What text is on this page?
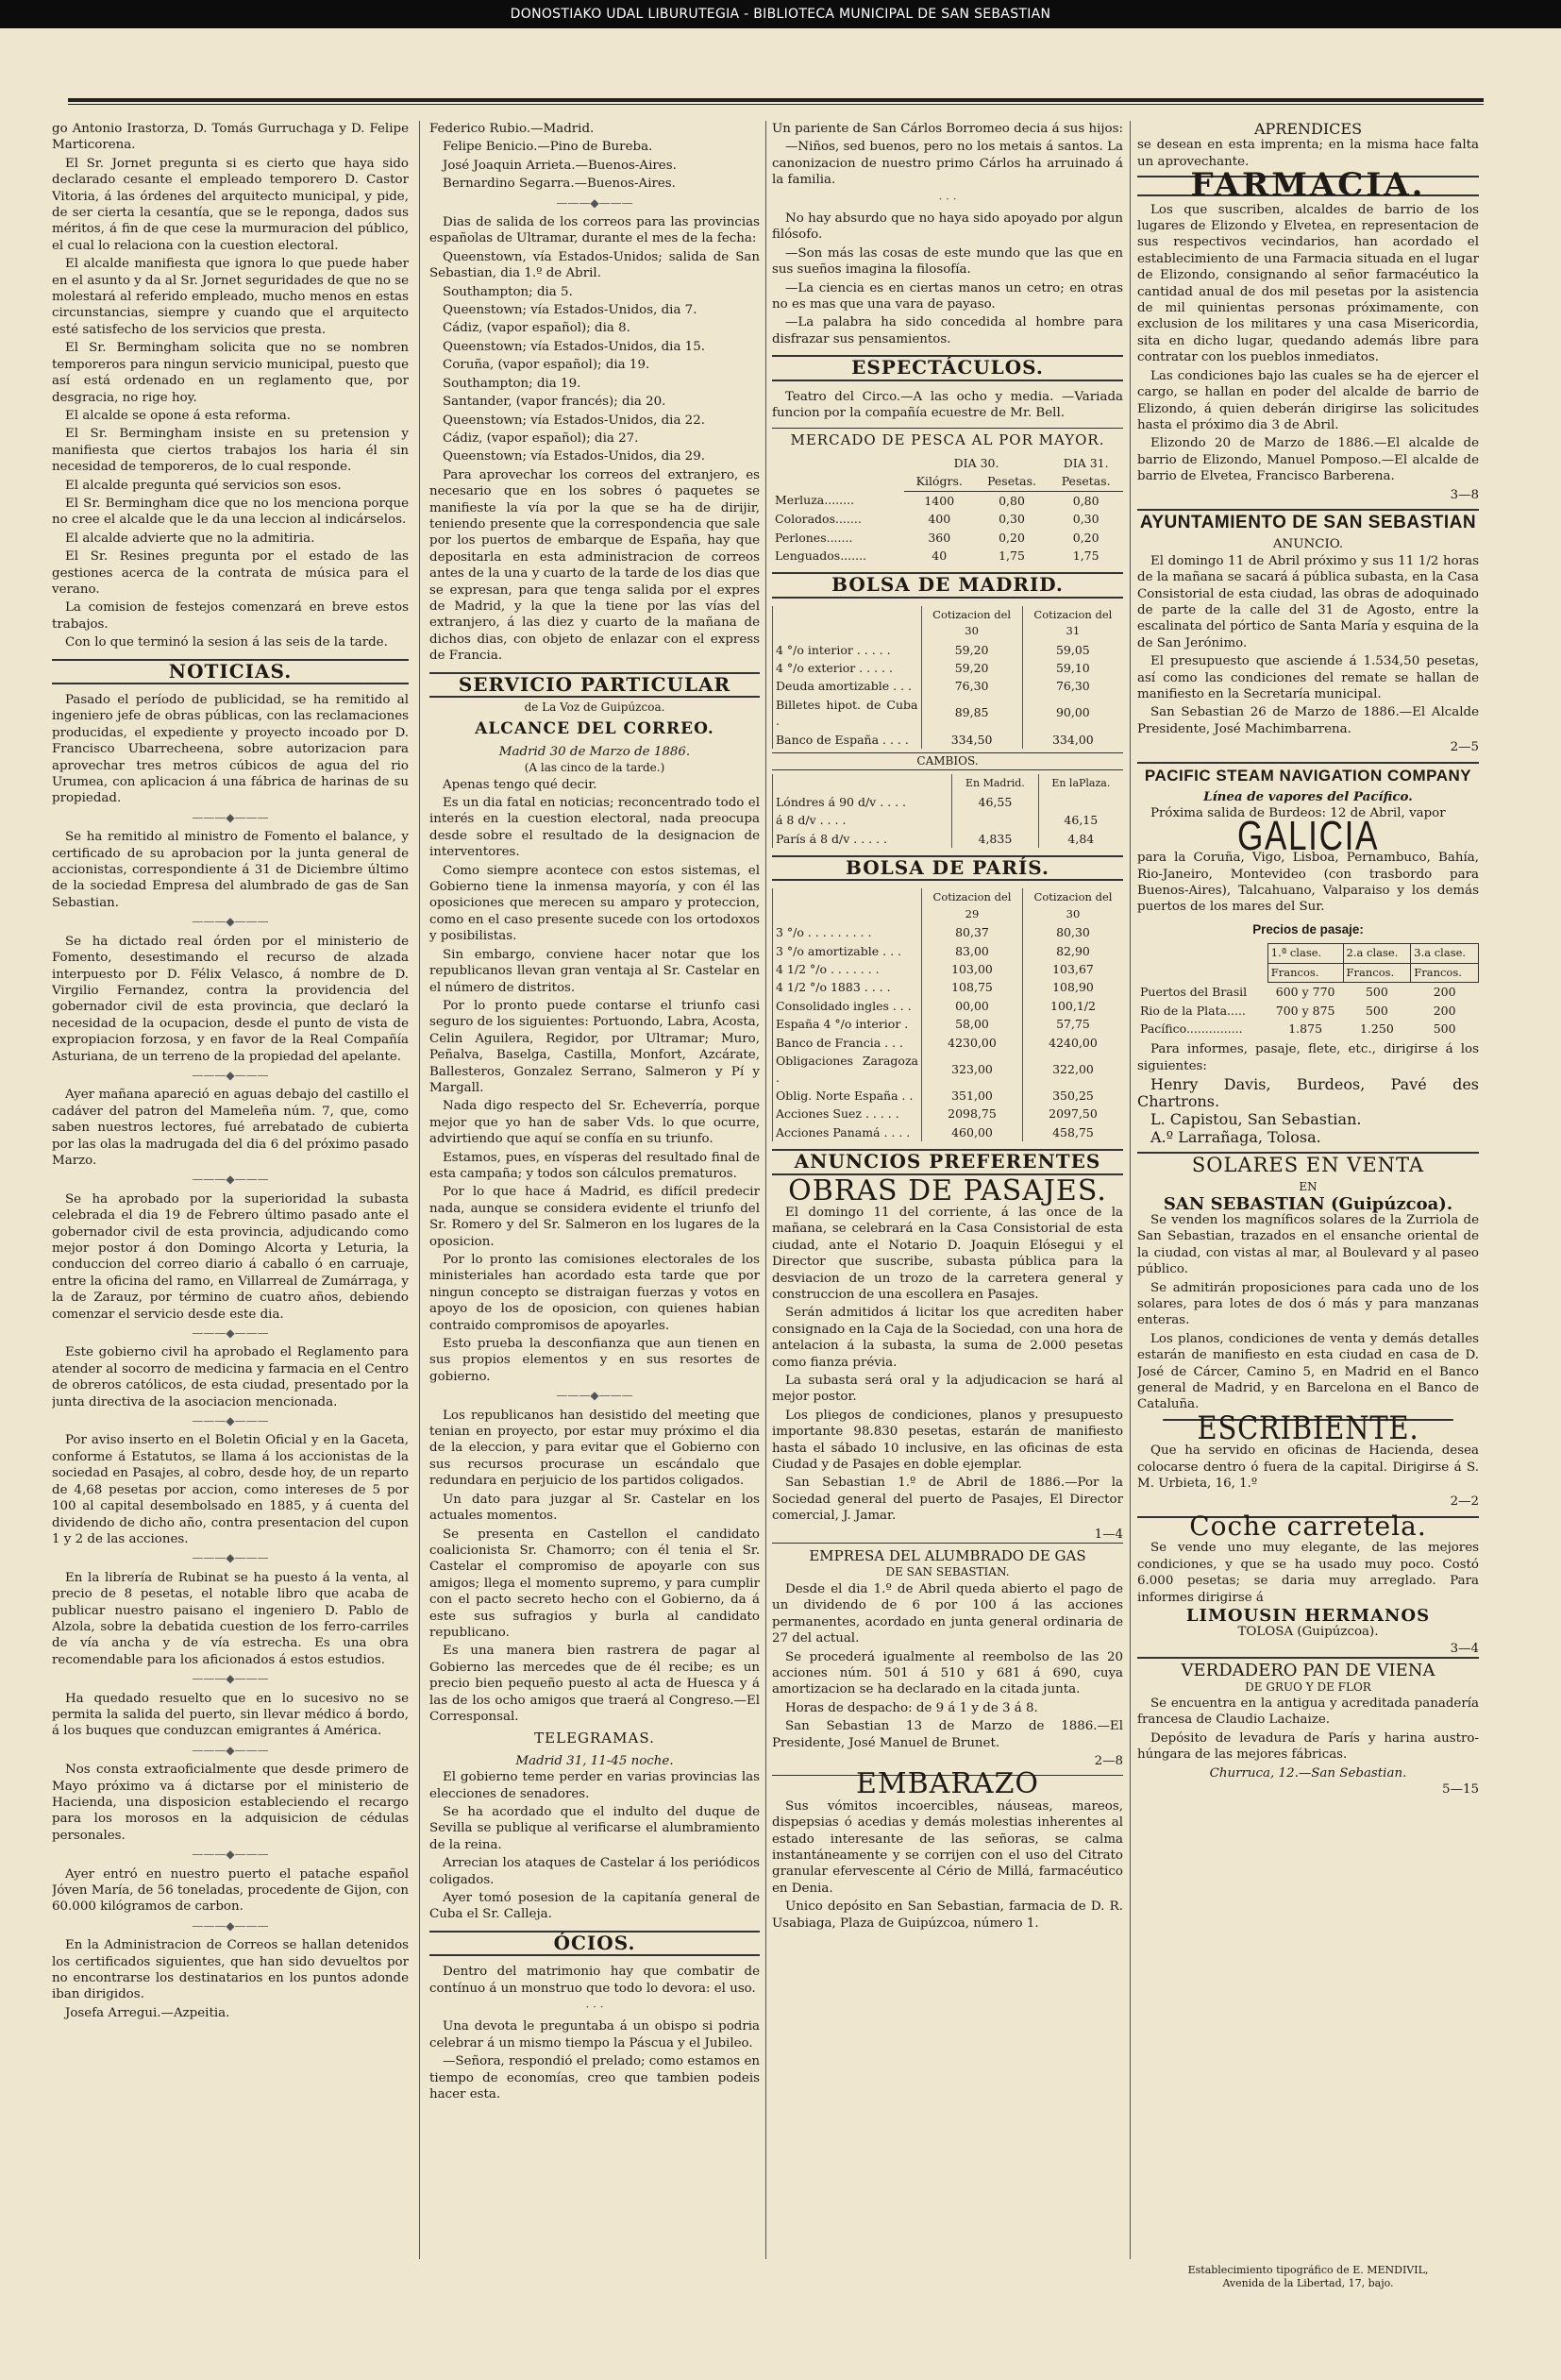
DONOSTIAKO UDAL LIBURUTEGIA - BIBLIOTECA MUNICIPAL DE SAN SEBASTIAN

go Antonio Irastorza, D. Tomás Gurruchaga y D. Felipe Marticorena.

El Sr. Jornet pregunta si es cierto que haya sido declarado cesante el empleado temporero D. Castor Vitoria, á las órdenes del arquitecto municipal, y pide, de ser cierta la cesantía, que se le reponga, dados sus méritos, á fin de que cese la murmuracion del público, el cual lo relaciona con la cuestion electoral.

El alcalde manifiesta que ignora lo que puede haber en el asunto y da al Sr. Jornet seguridades de que no se molestará al referido empleado, mucho menos en estas circunstancias, siempre y cuando que el arquitecto esté satisfecho de los servicios que presta.

El Sr. Bermingham solicita que no se nombren temporeros para ningun servicio municipal, puesto que así está ordenado en un reglamento que, por desgracia, no rige hoy.

El alcalde se opone á esta reforma.

El Sr. Bermingham insiste en su pretension y manifiesta que ciertos trabajos los haria él sin necesidad de temporeros, de lo cual responde.

El alcalde pregunta qué servicios son esos.

El Sr. Bermingham dice que no los menciona porque no cree el alcalde que le da una leccion al indicárselos.

El alcalde advierte que no la admitiria.

El Sr. Resines pregunta por el estado de las gestiones acerca de la contrata de música para el verano.

La comision de festejos comenzará en breve estos trabajos.

Con lo que terminó la sesion á las seis de la tarde.

NOTICIAS.

Pasado el período de publicidad, se ha remitido al ingeniero jefe de obras públicas, con las reclamaciones producidas, el expediente y proyecto incoado por D. Francisco Ubarrecheena, sobre autorizacion para aprovechar tres metros cúbicos de agua del rio Urumea, con aplicacion á una fábrica de harinas de su propiedad.

———◆———

Se ha remitido al ministro de Fomento el balance, y certificado de su aprobacion por la junta general de accionistas, correspondiente á 31 de Diciembre último de la sociedad Empresa del alumbrado de gas de San Sebastian.

———◆———

Se ha dictado real órden por el ministerio de Fomento, desestimando el recurso de alzada interpuesto por D. Félix Velasco, á nombre de D. Virgilio Fernandez, contra la providencia del gobernador civil de esta provincia, que declaró la necesidad de la ocupacion, desde el punto de vista de expropiacion forzosa, y en favor de la Real Compañía Asturiana, de un terreno de la propiedad del apelante.

———◆———

Ayer mañana apareció en aguas debajo del castillo el cadáver del patron del Mameleña núm. 7, que, como saben nuestros lectores, fué arrebatado de cubierta por las olas la madrugada del dia 6 del próximo pasado Marzo.

———◆———

Se ha aprobado por la superioridad la subasta celebrada el dia 19 de Febrero último pasado ante el gobernador civil de esta provincia, adjudicando como mejor postor á don Domingo Alcorta y Leturia, la conduccion del correo diario á caballo ó en carruaje, entre la oficina del ramo, en Villarreal de Zumárraga, y la de Zarauz, por término de cuatro años, debiendo comenzar el servicio desde este dia.

———◆———

Este gobierno civil ha aprobado el Reglamento para atender al socorro de medicina y farmacia en el Centro de obreros católicos, de esta ciudad, presentado por la junta directiva de la asociacion mencionada.

———◆———

Por aviso inserto en el Boletin Oficial y en la Gaceta, conforme á Estatutos, se llama á los accionistas de la sociedad en Pasajes, al cobro, desde hoy, de un reparto de 4,68 pesetas por accion, como intereses de 5 por 100 al capital desembolsado en 1885, y á cuenta del dividendo de dicho año, contra presentacion del cupon 1 y 2 de las acciones.

———◆———

En la librería de Rubinat se ha puesto á la venta, al precio de 8 pesetas, el notable libro que acaba de publicar nuestro paisano el ingeniero D. Pablo de Alzola, sobre la debatida cuestion de los ferro-carriles de vía ancha y de vía estrecha. Es una obra recomendable para los aficionados á estos estudios.

———◆———

Ha quedado resuelto que en lo sucesivo no se permita la salida del puerto, sin llevar médico á bordo, á los buques que conduzcan emigrantes á América.

———◆———

Nos consta extraoficialmente que desde primero de Mayo próximo va á dictarse por el ministerio de Hacienda, una disposicion estableciendo el recargo para los morosos en la adquisicion de cédulas personales.

———◆———

Ayer entró en nuestro puerto el patache español Jóven María, de 56 toneladas, procedente de Gijon, con 60.000 kilógramos de carbon.

———◆———

En la Administracion de Correos se hallan detenidos los certificados siguientes, que han sido devueltos por no encontrarse los destinatarios en los puntos adonde iban dirigidos.

Josefa Arregui.—Azpeitia.

Federico Rubio.—Madrid.

Felipe Benicio.—Pino de Bureba.

José Joaquin Arrieta.—Buenos-Aires.

Bernardino Segarra.—Buenos-Aires.

———◆———

Dias de salida de los correos para las provincias españolas de Ultramar, durante el mes de la fecha:

Queenstown, vía Estados-Unidos; salida de San Sebastian, dia 1.º de Abril.

Southampton; dia 5.

Queenstown; vía Estados-Unidos, dia 7.

Cádiz, (vapor español); dia 8.

Queenstown; vía Estados-Unidos, dia 15.

Coruña, (vapor español); dia 19.

Southampton; dia 19.

Santander, (vapor francés); dia 20.

Queenstown; vía Estados-Unidos, dia 22.

Cádiz, (vapor español); dia 27.

Queenstown; vía Estados-Unidos, dia 29.

Para aprovechar los correos del extranjero, es necesario que en los sobres ó paquetes se manifieste la vía por la que se ha de dirijir, teniendo presente que la correspondencia que sale por los puertos de embarque de España, hay que depositarla en esta administracion de correos antes de la una y cuarto de la tarde de los dias que se expresan, para que tenga salida por el expres de Madrid, y la que la tiene por las vías del extranjero, á las diez y cuarto de la mañana de dichos dias, con objeto de enlazar con el express de Francia.

SERVICIO PARTICULAR
de La Voz de Guipúzcoa.
ALCANCE DEL CORREO.
Madrid 30 de Marzo de 1886.
(A las cinco de la tarde.)

Apenas tengo qué decir.

Es un dia fatal en noticias; reconcentrado todo el interés en la cuestion electoral, nada preocupa desde sobre el resultado de la designacion de interventores.

Como siempre acontece con estos sistemas, el Gobierno tiene la inmensa mayoría, y con él las oposiciones que merecen su amparo y proteccion, como en el caso presente sucede con los ortodoxos y posibilistas.

Sin embargo, conviene hacer notar que los republicanos llevan gran ventaja al Sr. Castelar en el número de distritos.

Por lo pronto puede contarse el triunfo casi seguro de los siguientes: Portuondo, Labra, Acosta, Celin Aguilera, Regidor, por Ultramar; Muro, Peñalva, Baselga, Castilla, Monfort, Azcárate, Ballesteros, Gonzalez Serrano, Salmeron y Pí y Margall.

Nada digo respecto del Sr. Echeverría, porque mejor que yo han de saber Vds. lo que ocurre, advirtiendo que aquí se confía en su triunfo.

Estamos, pues, en vísperas del resultado final de esta campaña; y todos son cálculos prematuros.

Por lo que hace á Madrid, es difícil predecir nada, aunque se considera evidente el triunfo del Sr. Romero y del Sr. Salmeron en los lugares de la oposicion.

Por lo pronto las comisiones electorales de los ministeriales han acordado esta tarde que por ningun concepto se distraigan fuerzas y votos en apoyo de los de oposicion, con quienes habian contraido compromisos de apoyarles.

Esto prueba la desconfianza que aun tienen en sus propios elementos y en sus resortes de gobierno.

———◆———

Los republicanos han desistido del meeting que tenian en proyecto, por estar muy próximo el dia de la eleccion, y para evitar que el Gobierno con sus recursos procurase un escándalo que redundara en perjuicio de los partidos coligados.

Un dato para juzgar al Sr. Castelar en los actuales momentos.

Se presenta en Castellon el candidato coalicionista Sr. Chamorro; con él tenia el Sr. Castelar el compromiso de apoyarle con sus amigos; llega el momento supremo, y para cumplir con el pacto secreto hecho con el Gobierno, da á este sus sufragios y burla al candidato republicano.

Es una manera bien rastrera de pagar al Gobierno las mercedes que de él recibe; es un precio bien pequeño puesto al acta de Huesca y á las de los ocho amigos que traerá al Congreso.—El Corresponsal.

TELEGRAMAS.
Madrid 31, 11-45 noche.

El gobierno teme perder en varias provincias las elecciones de senadores.

Se ha acordado que el indulto del duque de Sevilla se publique al verificarse el alumbramiento de la reina.

Arrecian los ataques de Castelar á los periódicos coligados.

Ayer tomó posesion de la capitanía general de Cuba el Sr. Calleja.

ÓCIOS.

Dentro del matrimonio hay que combatir de contínuo á un monstruo que todo lo devora: el uso.

· · ·

Una devota le preguntaba á un obispo si podria celebrar á un mismo tiempo la Páscua y el Jubileo.

—Señora, respondió el prelado; como estamos en tiempo de economías, creo que tambien podeis hacer esta.

Un pariente de San Cárlos Borromeo decia á sus hijos:

—Niños, sed buenos, pero no los metais á santos. La canonizacion de nuestro primo Cárlos ha arruinado á la familia.

· · ·

No hay absurdo que no haya sido apoyado por algun filósofo.

—Son más las cosas de este mundo que las que en sus sueños imagina la filosofía.

—La ciencia es en ciertas manos un cetro; en otras no es mas que una vara de payaso.

—La palabra ha sido concedida al hombre para disfrazar sus pensamientos.

ESPECTÁCULOS.

Teatro del Circo.—A las ocho y media. —Variada funcion por la compañía ecuestre de Mr. Bell.

MERCADO DE PESCA AL POR MAYOR.
	DIA 30.		DIA 31.
	Kilógrs.	Pesetas.	Pesetas.
Merluza........	1400	0,80	0,80
Colorados.......	400	0,30	0,30
Perlones.......	360	0,20	0,20
Lenguados.......	40	1,75	1,75
BOLSA DE MADRID.
	Cotizacion del 30	Cotizacion del 31
4 °/o interior . . . . .	59,20	59,05
4 °/o exterior . . . . .	59,20	59,10
Deuda amortizable . . .	76,30	76,30
Billetes hipot. de Cuba .	89,85	90,00
Banco de España . . . .	334,50	334,00
CAMBIOS.
	En Madrid.	En laPlaza.
Lóndres á 90 d/v . . . .	46,55	
á 8 d/v . . . .		46,15
París á 8 d/v . . . . .	4,835	4,84
BOLSA DE PARÍS.
	Cotizacion del 29	Cotizacion del 30
3 °/o . . . . . . . . .	80,37	80,30
3 °/o amortizable . . .	83,00	82,90
4 1/2 °/o . . . . . . .	103,00	103,67
4 1/2 °/o 1883 . . . .	108,75	108,90
Consolidado ingles . . .	00,00	100,1/2
España 4 °/o interior .	58,00	57,75
Banco de Francia . . .	4230,00	4240,00
Obligaciones Zaragoza .	323,00	322,00
Oblig. Norte España . .	351,00	350,25
Acciones Suez . . . . .	2098,75	2097,50
Acciones Panamá . . . .	460,00	458,75
ANUNCIOS PREFERENTES
OBRAS DE PASAJES.

El domingo 11 del corriente, á las once de la mañana, se celebrará en la Casa Consistorial de esta ciudad, ante el Notario D. Joaquin Elósegui y el Director que suscribe, subasta pública para la desviacion de un trozo de la carretera general y construccion de una escollera en Pasajes.

Serán admitidos á licitar los que acrediten haber consignado en la Caja de la Sociedad, con una hora de antelacion á la subasta, la suma de 2.000 pesetas como fianza prévia.

La subasta será oral y la adjudicacion se hará al mejor postor.

Los pliegos de condiciones, planos y presupuesto importante 98.830 pesetas, estarán de manifiesto hasta el sábado 10 inclusive, en las oficinas de esta Ciudad y de Pasajes en doble ejemplar.

San Sebastian 1.º de Abril de 1886.—Por la Sociedad general del puerto de Pasajes, El Director comercial, J. Jamar.

1—4
EMPRESA DEL ALUMBRADO DE GAS
DE SAN SEBASTIAN.

Desde el dia 1.º de Abril queda abierto el pago de un dividendo de 6 por 100 á las acciones permanentes, acordado en junta general ordinaria de 27 del actual.

Se procederá igualmente al reembolso de las 20 acciones núm. 501 á 510 y 681 á 690, cuya amortizacion se ha declarado en la citada junta.

Horas de despacho: de 9 á 1 y de 3 á 8.

San Sebastian 13 de Marzo de 1886.—El Presidente, José Manuel de Brunet.

2—8
EMBARAZO

Sus vómitos incoercibles, náuseas, mareos, dispepsias ó acedias y demás molestias inherentes al estado interesante de las señoras, se calma instantáneamente y se corrijen con el uso del Citrato granular efervescente al Cério de Millá, farmacéutico en Denia.

Unico depósito en San Sebastian, farmacia de D. R. Usabiaga, Plaza de Guipúzcoa, número 1.

APRENDICES

se desean en esta imprenta; en la misma hace falta un aprovechante.

FARMACIA.

Los que suscriben, alcaldes de barrio de los lugares de Elizondo y Elvetea, en representacion de sus respectivos vecindarios, han acordado el establecimiento de una Farmacia situada en el lugar de Elizondo, consignando al señor farmacéutico la cantidad anual de dos mil pesetas por la asistencia de mil quinientas personas próximamente, con exclusion de los militares y una casa Misericordia, sita en dicho lugar, quedando además libre para contratar con los pueblos inmediatos.

Las condiciones bajo las cuales se ha de ejercer el cargo, se hallan en poder del alcalde de barrio de Elizondo, á quien deberán dirigirse las solicitudes hasta el próximo dia 3 de Abril.

Elizondo 20 de Marzo de 1886.—El alcalde de barrio de Elizondo, Manuel Pomposo.—El alcalde de barrio de Elvetea, Francisco Barberena.

3—8
AYUNTAMIENTO DE SAN SEBASTIAN
ANUNCIO.

El domingo 11 de Abril próximo y sus 11 1/2 horas de la mañana se sacará á pública subasta, en la Casa Consistorial de esta ciudad, las obras de adoquinado de parte de la calle del 31 de Agosto, entre la escalinata del pórtico de Santa María y esquina de la de San Jerónimo.

El presupuesto que asciende á 1.534,50 pesetas, así como las condiciones del remate se hallan de manifiesto en la Secretaría municipal.

San Sebastian 26 de Marzo de 1886.—El Alcalde Presidente, José Machimbarrena.

2—5
PACIFIC STEAM NAVIGATION COMPANY
Línea de vapores del Pacífico.

Próxima salida de Burdeos: 12 de Abril, vapor

GALICIA

para la Coruña, Vigo, Lisboa, Pernambuco, Bahía, Rio-Janeiro, Montevideo (con trasbordo para Buenos-Aires), Talcahuano, Valparaiso y los demás puertos de los mares del Sur.

Precios de pasaje:
	1.ª clase.	2.a clase.	3.a clase.
	Francos.	Francos.	Francos.
Puertos del Brasil	600 y 770	500	200
Rio de la Plata.....	700 y 875	500	200
Pacífico...............	1.875	1.250	500

Para informes, pasaje, flete, etc., dirigirse á los siguientes:

Henry Davis, Burdeos, Pavé des Chartrons.

L. Capistou, San Sebastian.

A.º Larrañaga, Tolosa.

SOLARES EN VENTA
EN
SAN SEBASTIAN (Guipúzcoa).

Se venden los magníficos solares de la Zurriola de San Sebastian, trazados en el ensanche oriental de la ciudad, con vistas al mar, al Boulevard y al paseo público.

Se admitirán proposiciones para cada uno de los solares, para lotes de dos ó más y para manzanas enteras.

Los planos, condiciones de venta y demás detalles estarán de manifiesto en esta ciudad en casa de D. José de Cárcer, Camino 5, en Madrid en el Banco general de Madrid, y en Barcelona en el Banco de Cataluña.

ESCRIBIENTE.

Que ha servido en oficinas de Hacienda, desea colocarse dentro ó fuera de la capital. Dirigirse á S. M. Urbieta, 16, 1.º

2—2
Coche carretela.

Se vende uno muy elegante, de las mejores condiciones, y que se ha usado muy poco. Costó 6.000 pesetas; se daria muy arreglado. Para informes dirigirse á

LIMOUSIN HERMANOS
TOLOSA (Guipúzcoa).
3—4
VERDADERO PAN DE VIENA
DE GRUO Y DE FLOR

Se encuentra en la antigua y acreditada panadería francesa de Claudio Lachaize.

Depósito de levadura de París y harina austro-húngara de las mejores fábricas.

Churruca, 12.—San Sebastian.
5—15
Establecimiento tipográfico de E. MENDIVIL,
Avenida de la Libertad, 17, bajo.
